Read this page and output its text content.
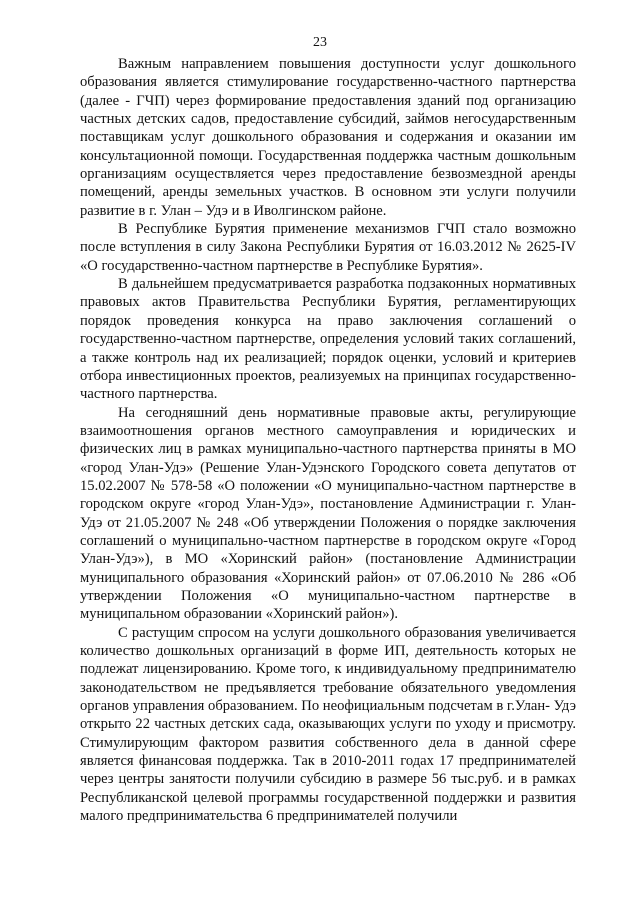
23

Важным направлением повышения доступности услуг дошкольного образования является стимулирование государственно-частного партнерства (далее - ГЧП) через формирование предоставления зданий под организацию частных детских садов, предоставление субсидий, займов негосударственным поставщикам услуг дошкольного образования и содержания и оказании им консультационной помощи. Государственная поддержка частным дошкольным организациям осуществляется через предоставление безвозмездной аренды помещений, аренды земельных участков. В основном эти услуги получили развитие в г. Улан – Удэ и в Иволгинском районе.

В Республике Бурятия применение механизмов ГЧП стало возможно после вступления в силу Закона Республики Бурятия от 16.03.2012 № 2625-IV «О государственно-частном партнерстве в Республике Бурятия».

В дальнейшем предусматривается разработка подзаконных нормативных правовых актов Правительства Республики Бурятия, регламентирующих порядок проведения конкурса на право заключения соглашений о государственно-частном партнерстве, определения условий таких соглашений, а также контроль над их реализацией; порядок оценки, условий и критериев отбора инвестиционных проектов, реализуемых на принципах государственно-частного партнерства.

На сегодняшний день нормативные правовые акты, регулирующие взаимоотношения органов местного самоуправления и юридических и физических лиц в рамках муниципально-частного партнерства приняты в МО «город Улан-Удэ» (Решение Улан-Удэнского Городского совета депутатов от 15.02.2007 № 578-58 «О положении «О муниципально-частном партнерстве в городском округе «город Улан-Удэ», постановление Администрации г. Улан-Удэ от 21.05.2007 № 248 «Об утверждении Положения о порядке заключения соглашений о муниципально-частном партнерстве в городском округе «Город Улан-Удэ»), в МО «Хоринский район» (постановление Администрации муниципального образования «Хоринский район» от 07.06.2010 № 286 «Об утверждении Положения «О муниципально-частном партнерстве в муниципальном образовании «Хоринский район»).

С растущим спросом на услуги дошкольного образования увеличивается количество дошкольных организаций в форме ИП, деятельность которых не подлежат лицензированию. Кроме того, к индивидуальному предпринимателю законодательством не предъявляется требование обязательного уведомления органов управления образованием. По неофициальным подсчетам в г.Улан- Удэ открыто 22 частных детских сада, оказывающих услуги по уходу и присмотру. Стимулирующим фактором развития собственного дела в данной сфере является финансовая поддержка. Так в 2010-2011 годах 17 предпринимателей через центры занятости получили субсидию в размере 56 тыс.руб. и в рамках Республиканской целевой программы государственной поддержки и развития малого предпринимательства 6 предпринимателей получили
